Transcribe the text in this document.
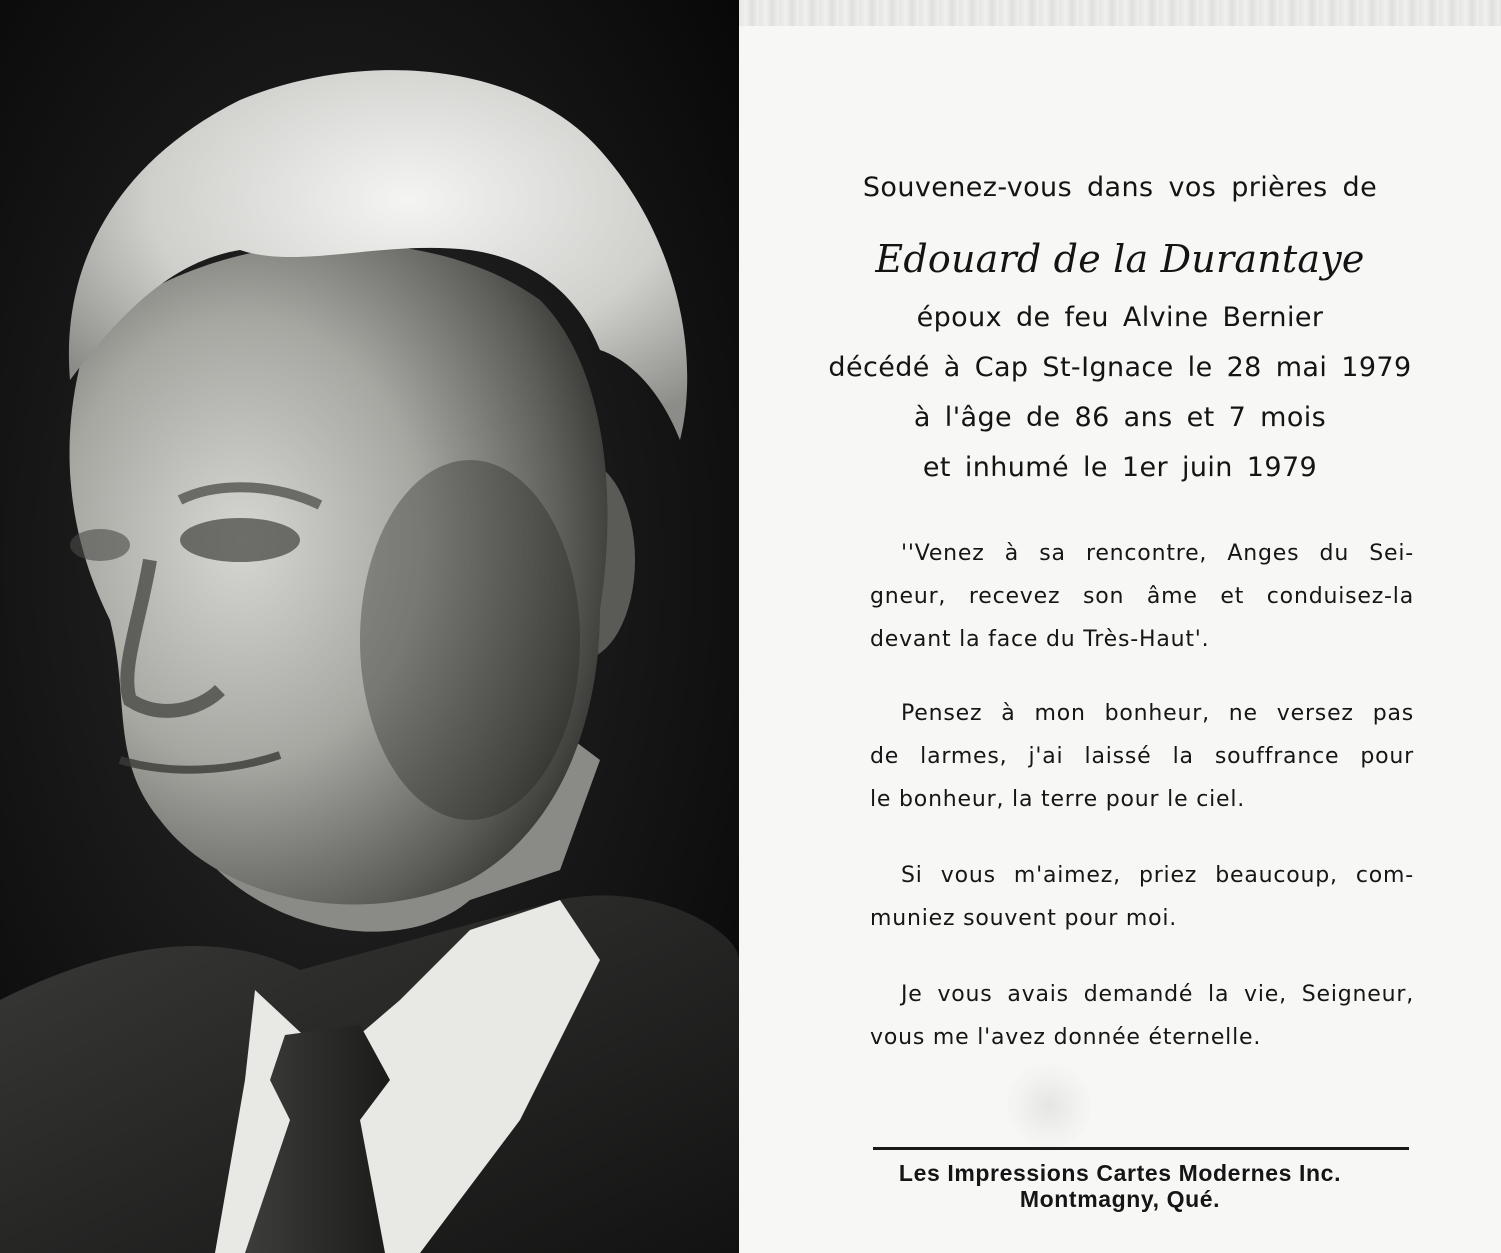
Souvenez-vous dans vos prières de
Edouard de la Durantaye
époux de feu Alvine Bernier
décédé à Cap St-Ignace le 28 mai 1979
à l'âge de 86 ans et 7 mois
et inhumé le 1er juin 1979
''Venez à sa rencontre, Anges du Sei-
gneur, recevez son âme et conduisez-la
devant la face du Très-Haut'.
Pensez à mon bonheur, ne versez pas
de larmes, j'ai laissé la souffrance pour
le bonheur, la terre pour le ciel.
Si vous m'aimez, priez beaucoup, com-
muniez souvent pour moi.
Je vous avais demandé la vie, Seigneur,
vous me l'avez donnée éternelle.
Les Impressions Cartes Modernes Inc.
Montmagny, Qué.
